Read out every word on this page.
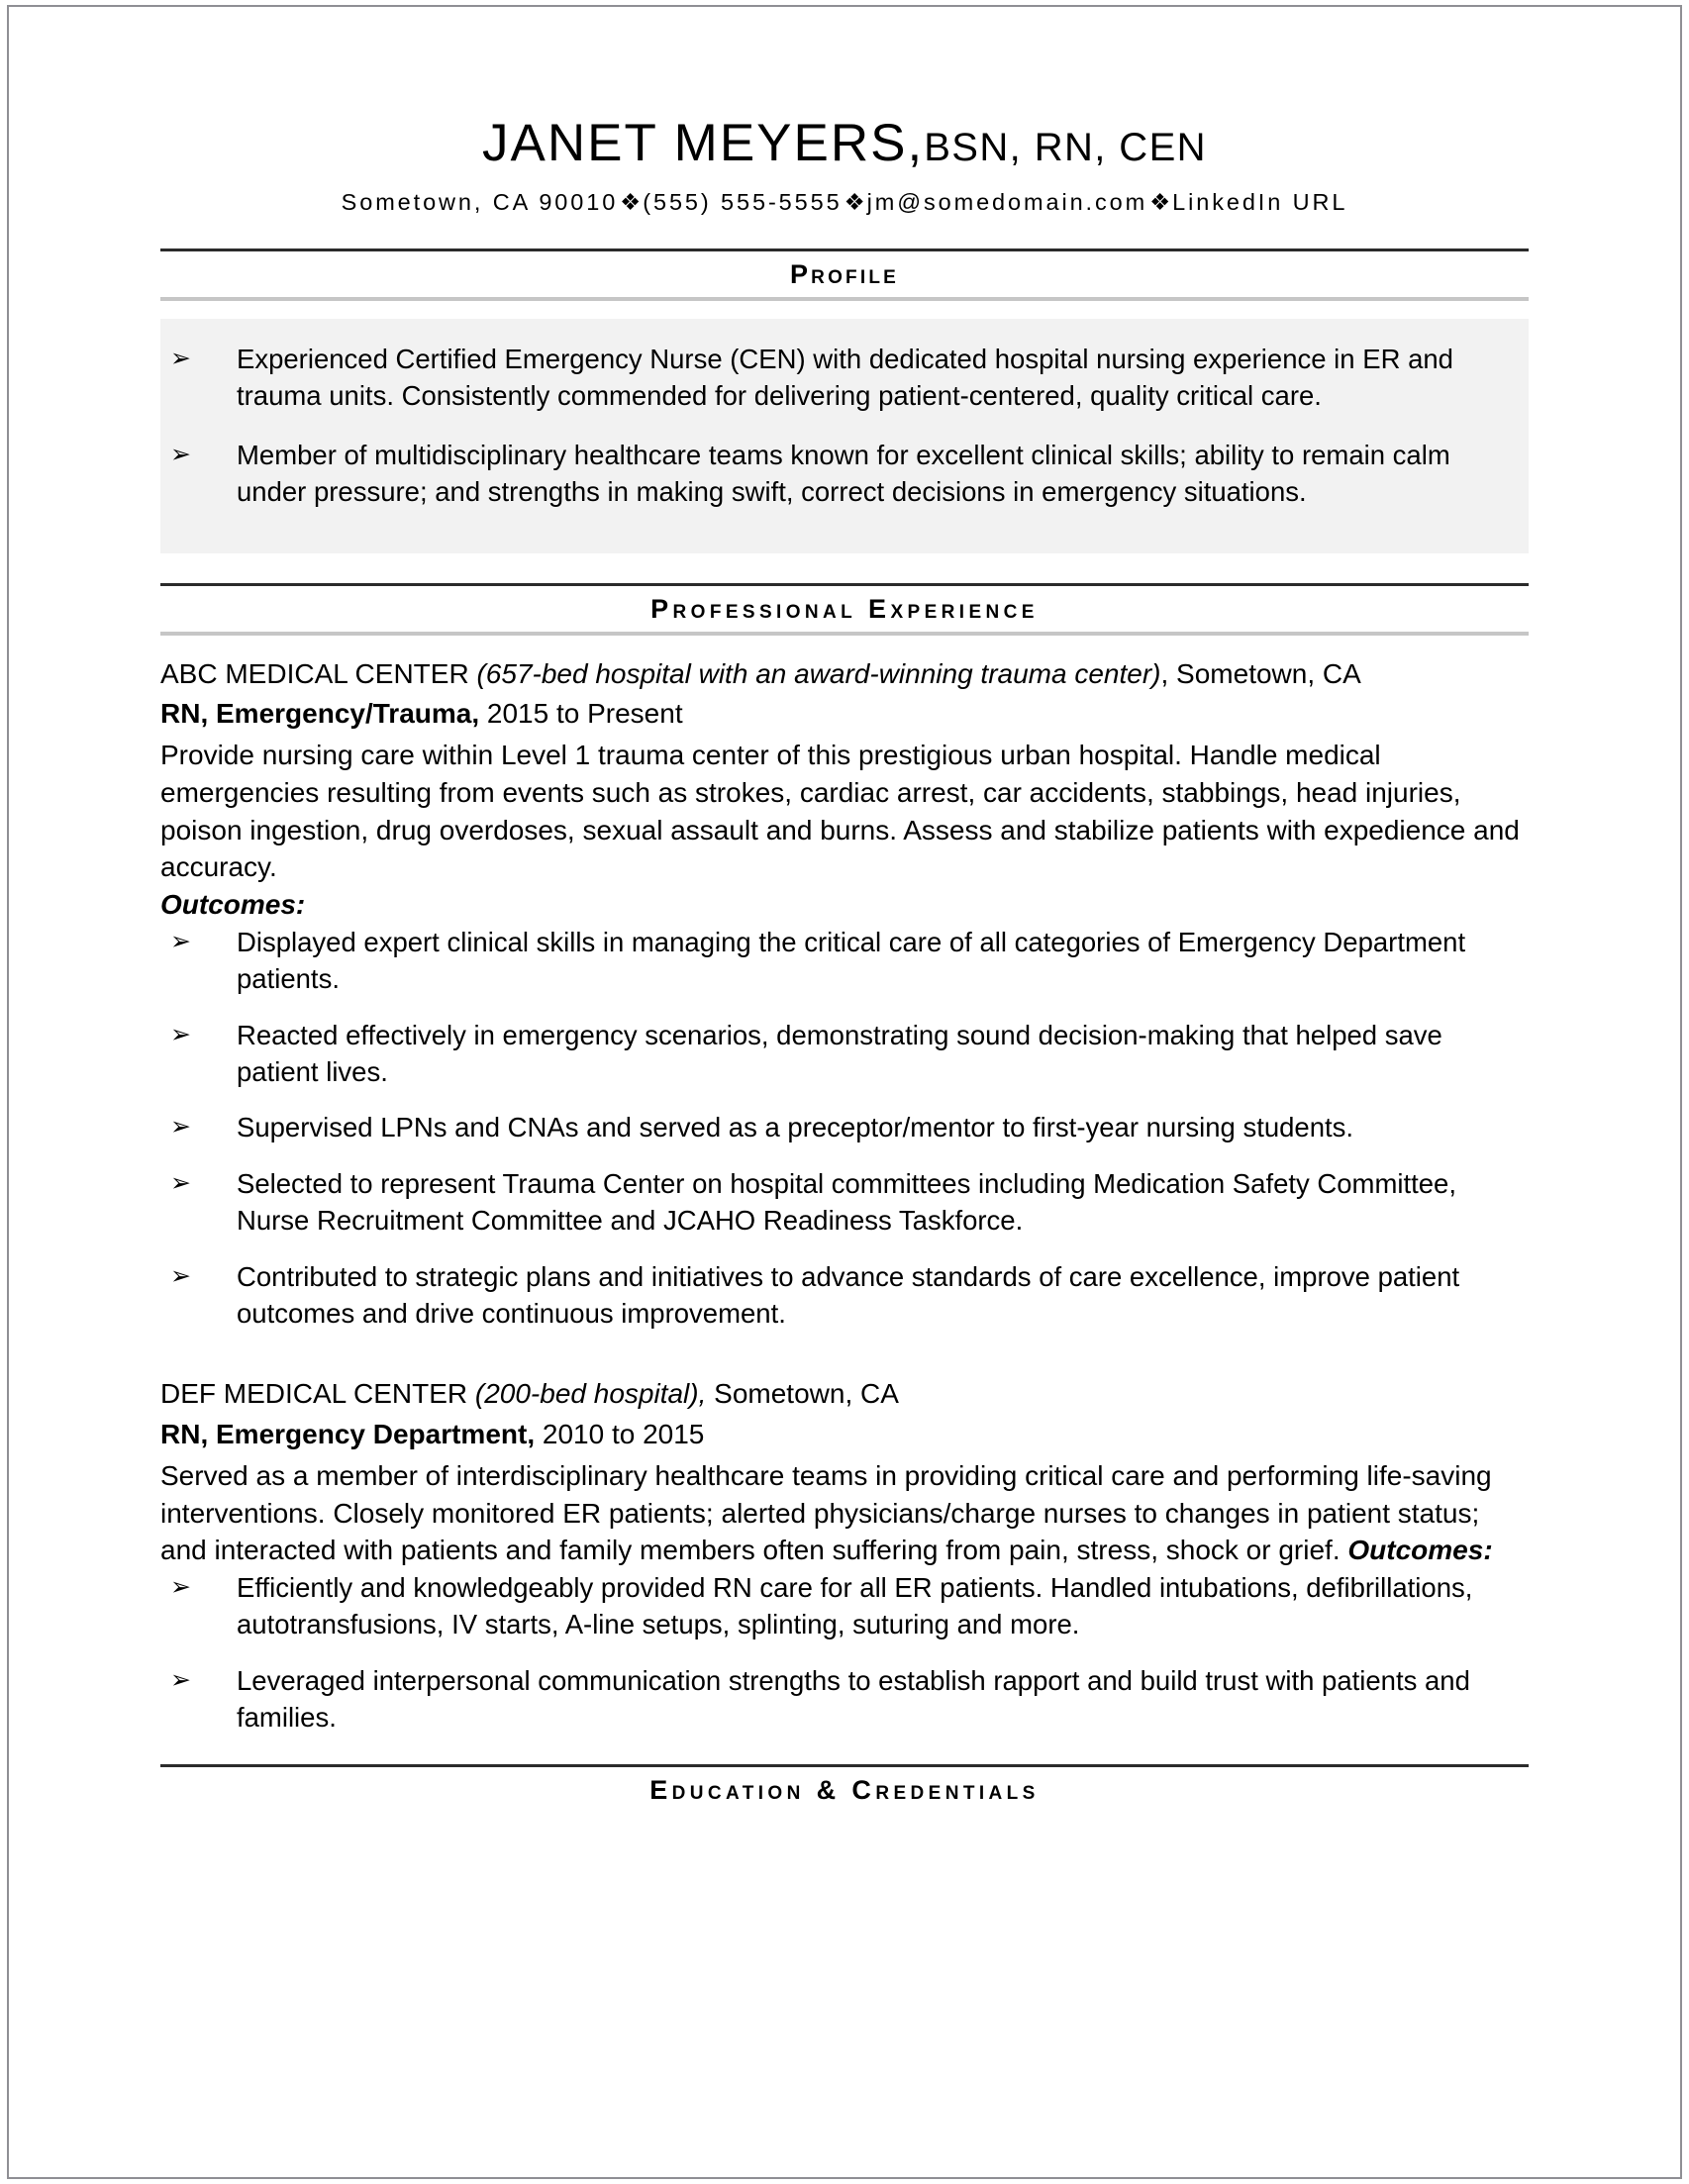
JANET MEYERS,BSN, RN, CEN
Sometown, CA 90010❖(555) 555-5555❖jm@somedomain.com❖LinkedIn URL
Profile
➢ Experienced Certified Emergency Nurse (CEN) with dedicated hospital nursing experience in ER and trauma units. Consistently commended for delivering patient-centered, quality critical care.
➢ Member of multidisciplinary healthcare teams known for excellent clinical skills; ability to remain calm under pressure; and strengths in making swift, correct decisions in emergency situations.
Professional Experience
ABC MEDICAL CENTER (657-bed hospital with an award-winning trauma center), Sometown, CA
RN, Emergency/Trauma, 2015 to Present
Provide nursing care within Level 1 trauma center of this prestigious urban hospital. Handle medical emergencies resulting from events such as strokes, cardiac arrest, car accidents, stabbings, head injuries, poison ingestion, drug overdoses, sexual assault and burns. Assess and stabilize patients with expedience and accuracy.
Outcomes:
➢ Displayed expert clinical skills in managing the critical care of all categories of Emergency Department patients.
➢ Reacted effectively in emergency scenarios, demonstrating sound decision-making that helped save patient lives.
➢ Supervised LPNs and CNAs and served as a preceptor/mentor to first-year nursing students.
➢ Selected to represent Trauma Center on hospital committees including Medication Safety Committee, Nurse Recruitment Committee and JCAHO Readiness Taskforce.
➢ Contributed to strategic plans and initiatives to advance standards of care excellence, improve patient outcomes and drive continuous improvement.
DEF MEDICAL CENTER (200-bed hospital), Sometown, CA
RN, Emergency Department, 2010 to 2015
Served as a member of interdisciplinary healthcare teams in providing critical care and performing life-saving interventions. Closely monitored ER patients; alerted physicians/charge nurses to changes in patient status; and interacted with patients and family members often suffering from pain, stress, shock or grief. Outcomes:
➢ Efficiently and knowledgeably provided RN care for all ER patients. Handled intubations, defibrillations, autotransfusions, IV starts, A-line setups, splinting, suturing and more.
➢ Leveraged interpersonal communication strengths to establish rapport and build trust with patients and families.
Education & Credentials
